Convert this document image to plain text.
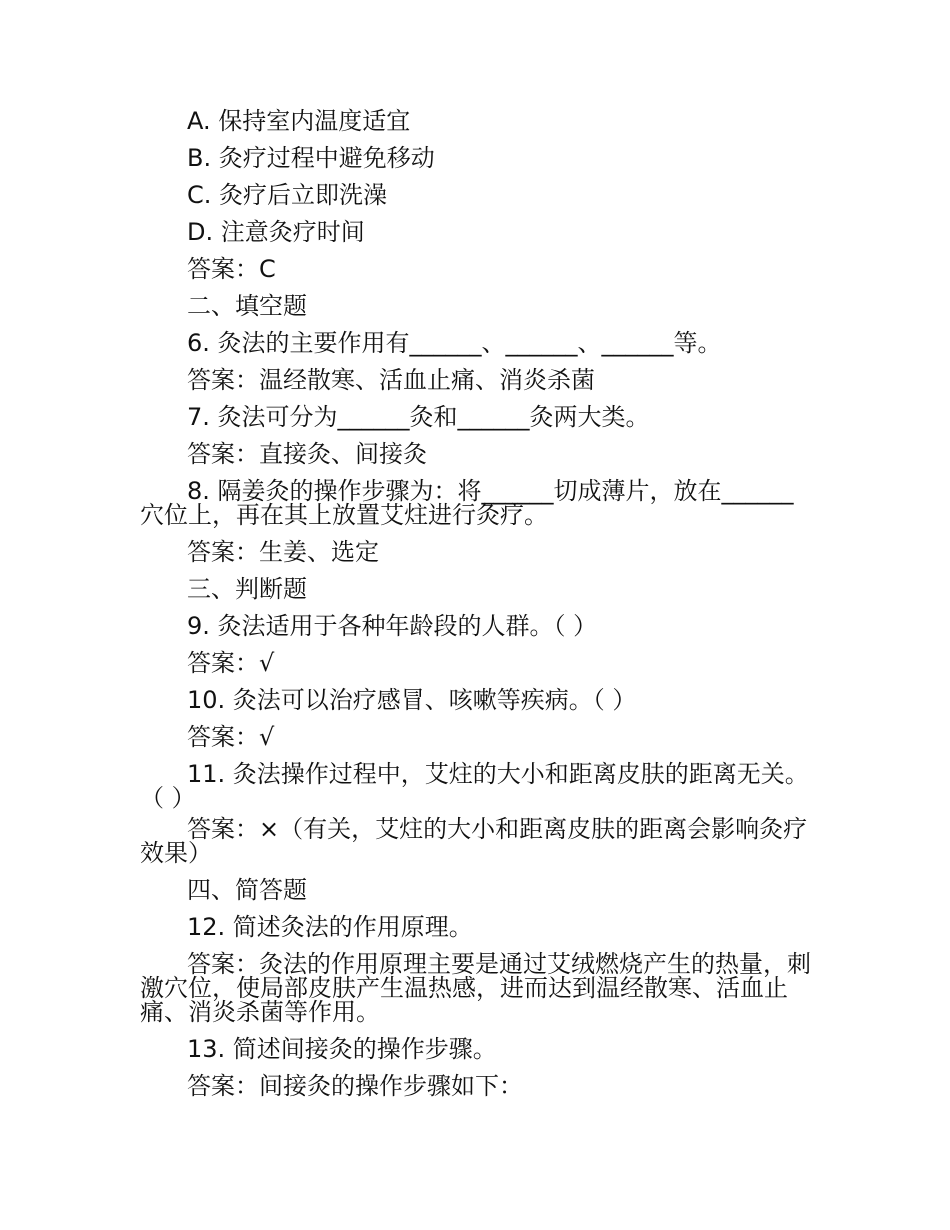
A. 保持室内温度适宜
B. 灸疗过程中避免移动
C. 灸疗后立即洗澡
D. 注意灸疗时间
答案：C
二、填空题
6. 灸法的主要作用有______、______、______等。
答案：温经散寒、活血止痛、消炎杀菌
7. 灸法可分为______灸和______灸两大类。
答案：直接灸、间接灸
8. 隔姜灸的操作步骤为：将______切成薄片，放在______穴位上，再在其上放置艾炷进行灸疗。
答案：生姜、选定
三、判断题
9. 灸法适用于各种年龄段的人群。（ ）
答案：√
10. 灸法可以治疗感冒、咳嗽等疾病。（ ）
答案：√
11. 灸法操作过程中，艾炷的大小和距离皮肤的距离无关。（ ）
答案：×（有关，艾炷的大小和距离皮肤的距离会影响灸疗效果）
四、简答题
12. 简述灸法的作用原理。
答案：灸法的作用原理主要是通过艾绒燃烧产生的热量，刺激穴位，使局部皮肤产生温热感，进而达到温经散寒、活血止痛、消炎杀菌等作用。
13. 简述间接灸的操作步骤。
答案：间接灸的操作步骤如下：
